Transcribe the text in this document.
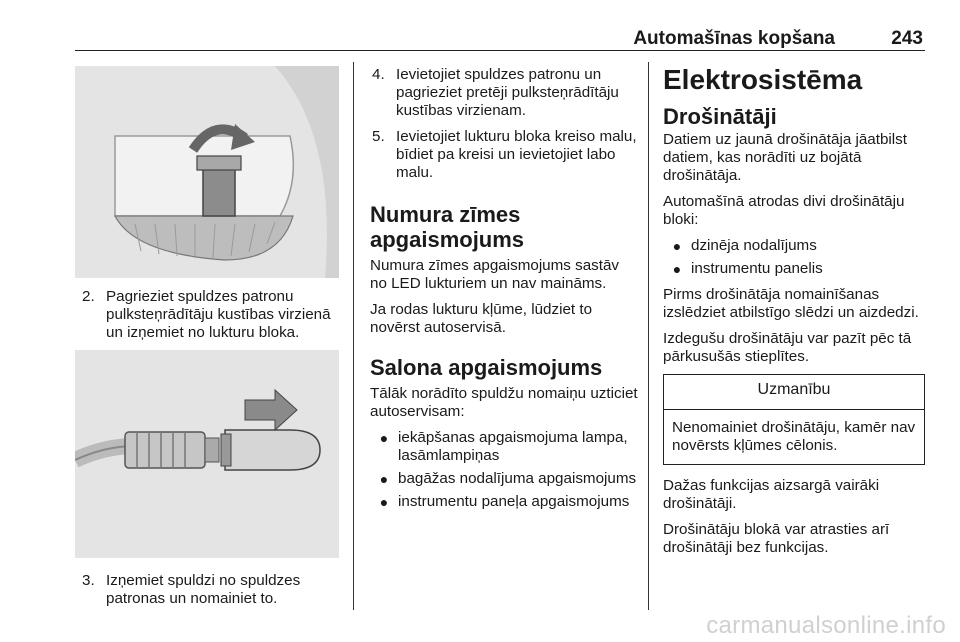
Automašīnas kopšana	243
2. Pagrieziet spuldzes patronu pulksteņrādītāju kustības virzienā un izņemiet no lukturu bloka.
3. Izņemiet spuldzi no spuldzes patronas un nomainiet to.
4. Ievietojiet spuldzes patronu un pagrieziet pretēji pulksteņrādītāju kustības virzienam.
5. Ievietojiet lukturu bloka kreiso malu, bīdiet pa kreisi un ievietojiet labo malu.
Numura zīmes apgaismojums

Numura zīmes apgaismojums sastāv no LED lukturiem un nav maināms.

Ja rodas lukturu kļūme, lūdziet to novērst autoservisā.

Salona apgaismojums

Tālāk norādīto spuldžu nomaiņu uzticiet autoservisam:

● iekāpšanas apgaismojuma lampa, lasāmlampiņas
● bagāžas nodalījuma apgaismojums
● instrumentu paneļa apgaismojums
Elektrosistēma
Drošinātāji

Datiem uz jaunā drošinātāja jāatbilst datiem, kas norādīti uz bojātā drošinātāja.

Automašīnā atrodas divi drošinātāju bloki:

● dzinēja nodalījums
● instrumentu panelis

Pirms drošinātāja nomainīšanas izslēdziet atbilstīgo slēdzi un aizdedzi.

Izdegušu drošinātāju var pazīt pēc tā pārkusušās stieplītes.

Uzmanību
Nenomainiet drošinātāju, kamēr nav novērsts kļūmes cēlonis.

Dažas funkcijas aizsargā vairāki drošinātāji.

Drošinātāju blokā var atrasties arī drošinātāji bez funkcijas.

carmanualsonline.info
